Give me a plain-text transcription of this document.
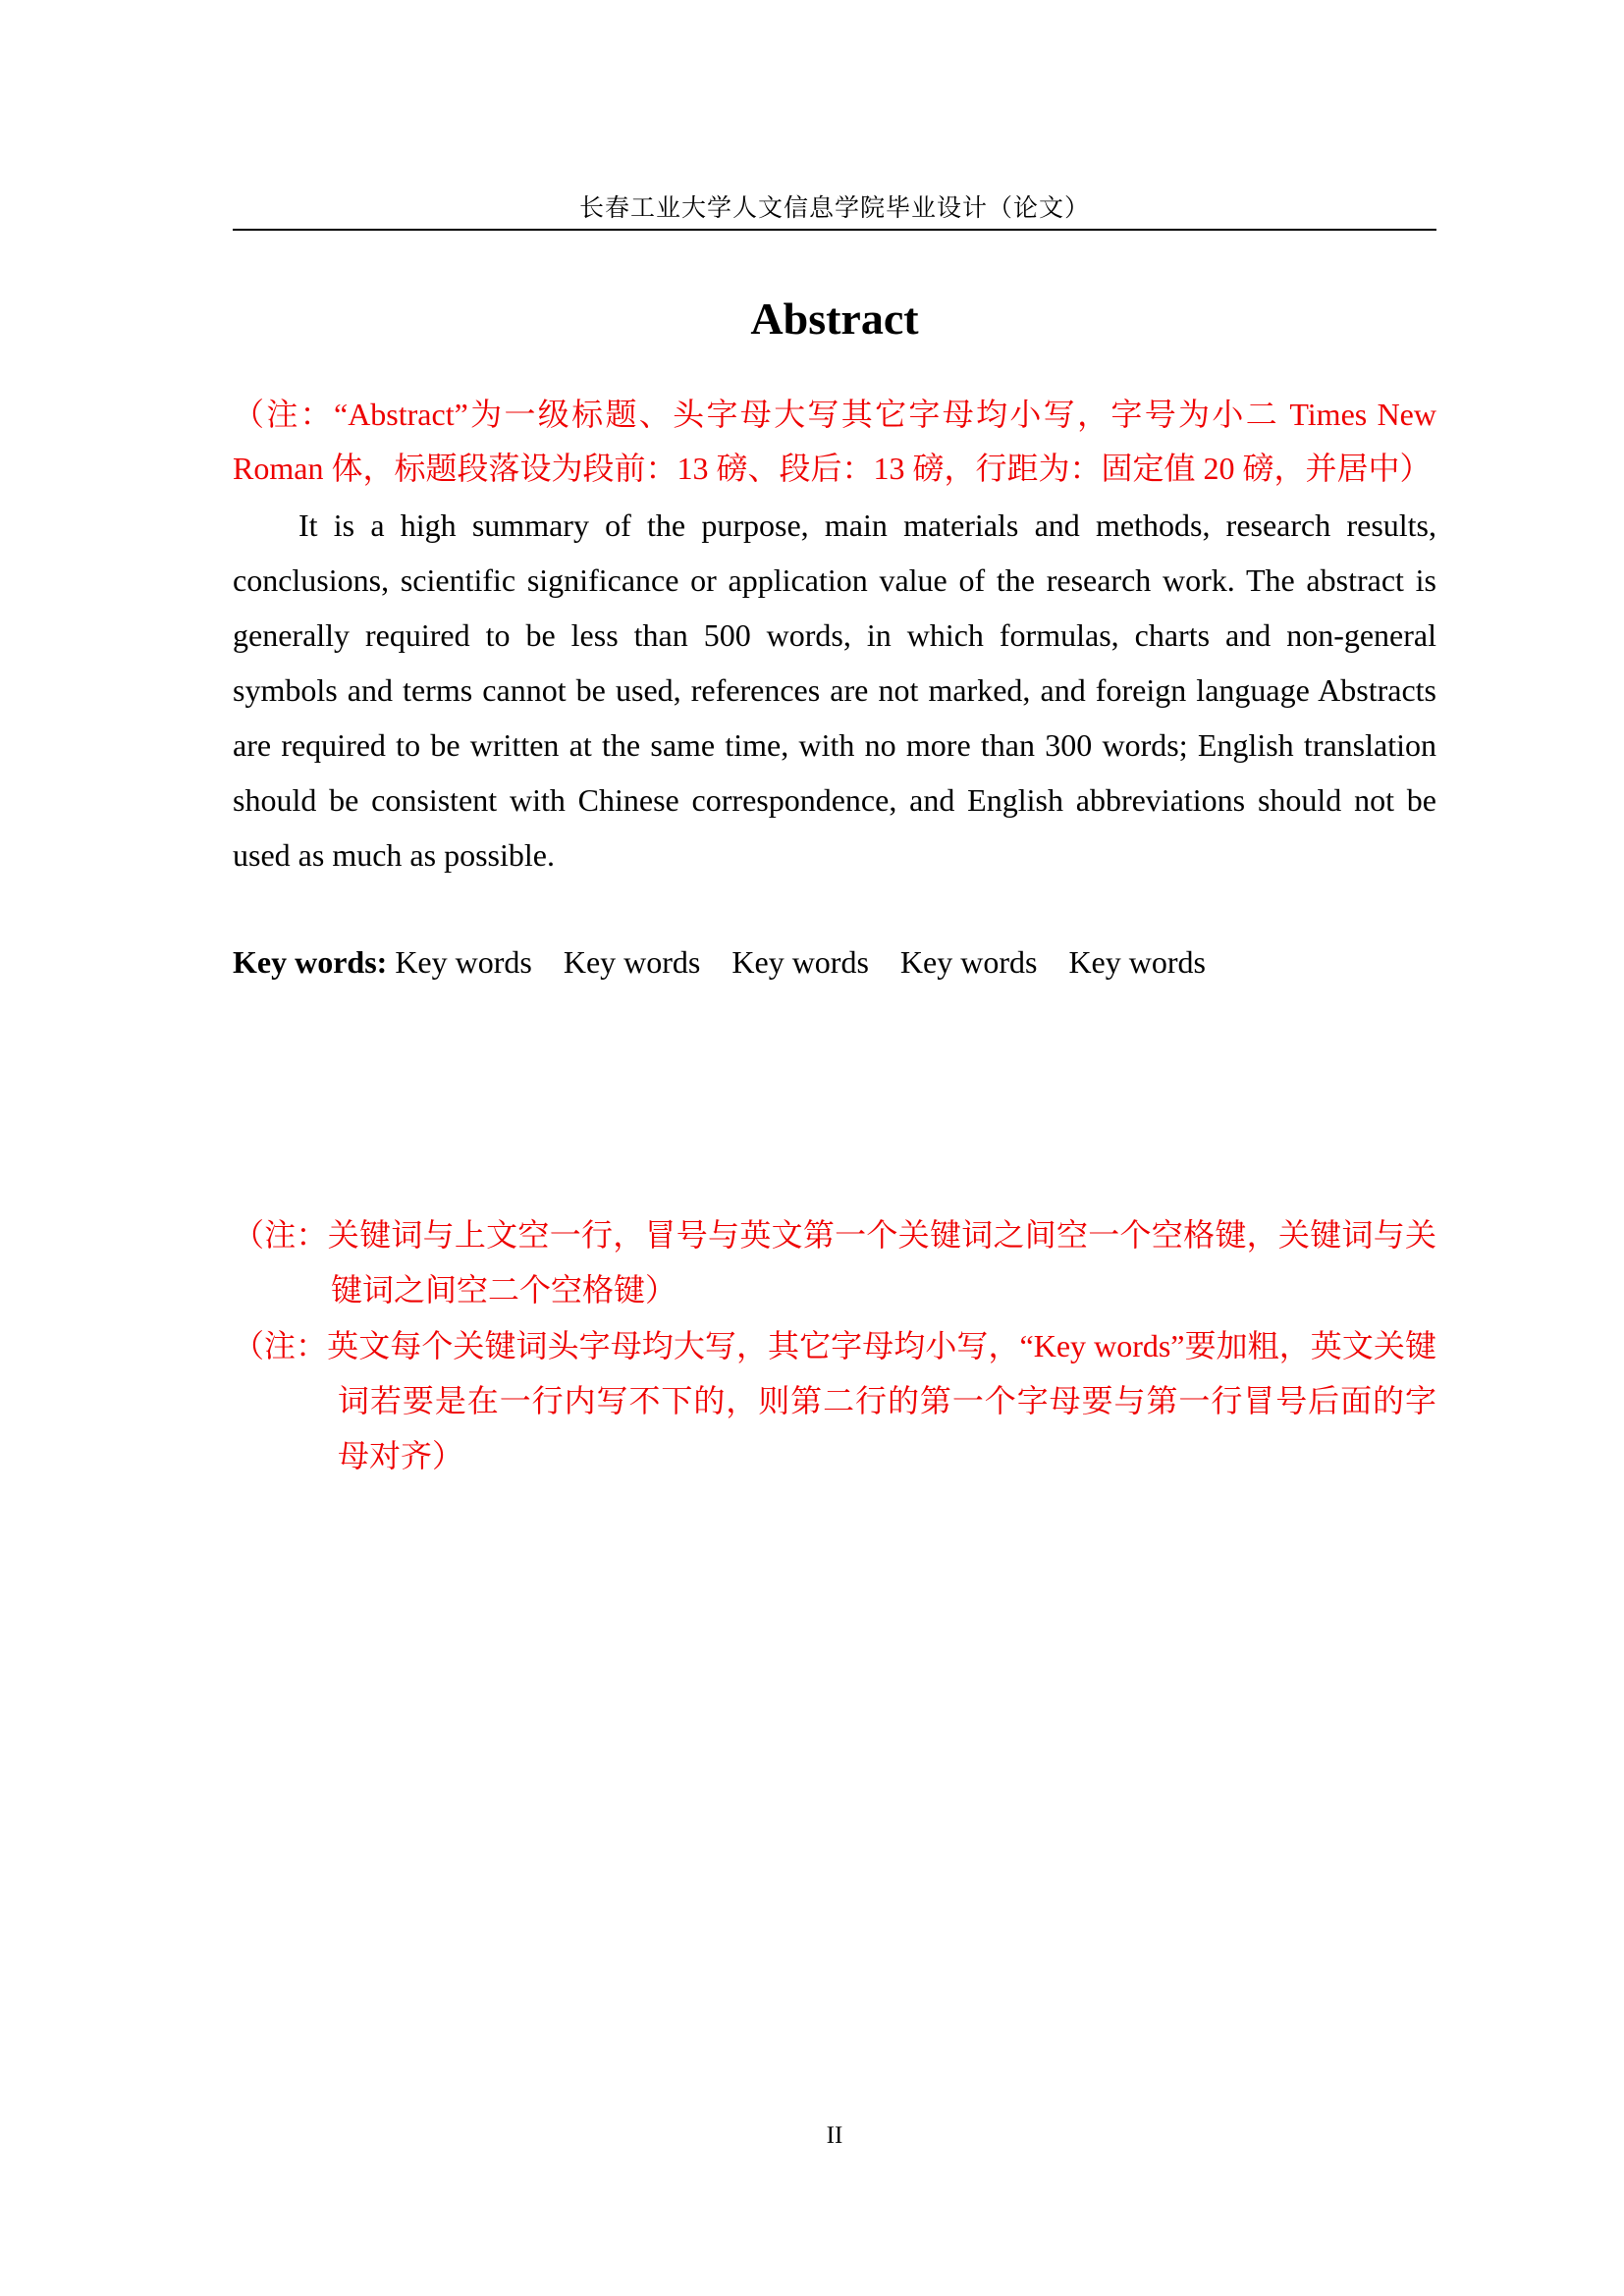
长春工业大学人文信息学院毕业设计（论文）
Abstract

（注：“Abstract”为一级标题、头字母大写其它字母均小写，字号为小二 Times New Roman 体，标题段落设为段前：13 磅、段后：13 磅，行距为：固定值 20 磅，并居中）

It is a high summary of the purpose, main materials and methods, research results, conclusions, scientific significance or application value of the research work. The abstract is generally required to be less than 500 words, in which formulas, charts and non-general symbols and terms cannot be used, references are not marked, and foreign language Abstracts are required to be written at the same time, with no more than 300 words; English translation should be consistent with Chinese correspondence, and English abbreviations should not be used as much as possible.

Key words: Key words    Key words    Key words    Key words    Key words

（注：关键词与上文空一行，冒号与英文第一个关键词之间空一个空格键，关键词与关键词之间空二个空格键）

（注：英文每个关键词头字母均大写，其它字母均小写，“Key words”要加粗，英文关键词若要是在一行内写不下的，则第二行的第一个字母要与第一行冒号后面的字母对齐）

II
